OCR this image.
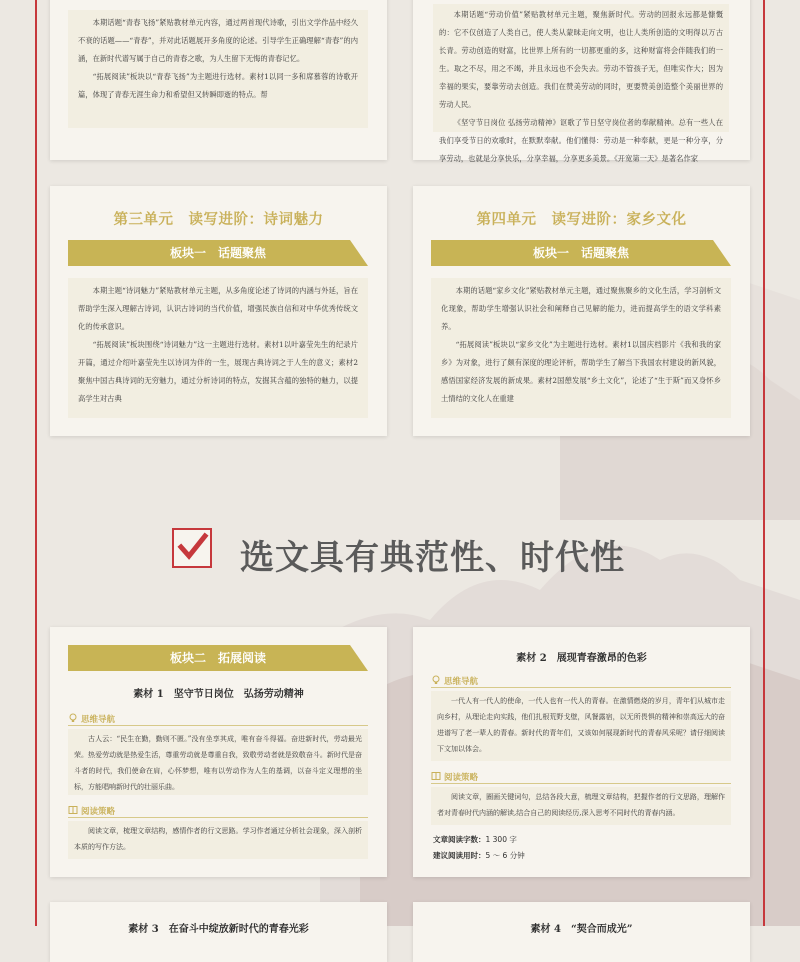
本期话题“青春飞扬”紧贴教材单元内容，通过两首现代诗歌，引出文学作品中经久不衰的话题——“青春”，并对此话题展开多角度的论述。引导学生正确理解“青春”的内涵，在新时代谱写属于自己的青春之歌，为人生留下无悔的青春记忆。

“拓展阅读”板块以“青春飞扬”为主题进行选材。素材1以同一多和席慕蓉的诗歌开篇，体现了青春无涯生命力和希望但又转瞬即逝的特点。帮

本期话题“劳动价值”紧贴教材单元主题，聚焦新时代。劳动的回报永远都是慷慨的：它不仅创造了人类自己，使人类从蒙昧走向文明，也让人类所创造的文明得以万古长青。劳动创造的财富，比世界上所有的一切都更重的多，这种财富将会伴随我们的一生。取之不尽，用之不竭，并且永远也不会失去。劳动不管孩子无，但唯实作大；因为幸福的果实，要靠劳动去创造。我们在赞美劳动的同时，更要赞美创造整个美丽世界的劳动人民。

《坚守节日岗位 弘扬劳动精神》讴歌了节日坚守岗位者的奉献精神。总有一些人在我们享受节日的欢歌时，在默默奉献。他们懂得：劳动是一种奉献，更是一种分享，分享劳动，也就是分享快乐，分享幸福，分享更多美景。《开宽第一天》是著名作家

第三单元　读写进阶：诗词魅力
板块一　话题聚焦

本期主题“诗词魅力”紧贴教材单元主题，从多角度论述了诗词的内涵与外延，旨在帮助学生深入理解古诗词，认识古诗词的当代价值，增强民族自信和对中华优秀传统文化的传承意识。

“拓展阅读”板块围绕“诗词魅力”这一主题进行选材。素材1以叶嘉莹先生的纪录片开篇，通过介绍叶嘉莹先生以诗词为伴的一生，展现古典诗词之于人生的意义；素材2聚焦中国古典诗词的无穷魅力，通过分析诗词的特点，发掘其含蕴的独特的魅力，以提高学生对古典

第四单元　读写进阶：家乡文化
板块一　话题聚焦

本期的话题“家乡文化”紧贴教材单元主题，通过聚焦聚乡的文化生活，学习剖析文化现象，帮助学生增强认识社会和阐释自己见解的能力，进而提高学生的语文学科素养。

“拓展阅读”板块以“家乡文化”为主题进行选材。素材1以国庆档影片《我和我的家乡》为对象，进行了颇有深度的理论评析，帮助学生了解当下我国农村建设的新风貌，感悟国家经济发展的新成果。素材2国憩发展“乡土文化”，论述了“生于斯”而又身怀乡土情结的文化人在重建

选文具有典范性、时代性
板块二　拓展阅读
素材 1　坚守节日岗位　弘扬劳动精神
思维导航

古人云：“民生在勤，勤则不匮。”没有坐享其成，唯有奋斗得福。奋进新时代，劳动最光荣。热爱劳动就是热爱生活，尊重劳动就是尊重自我，致敬劳动者就是致敬奋斗。新时代是奋斗者的时代，我们使命在肩，心怀梦想，唯有以劳动作为人生的基调，以奋斗定义理想的坐标，方能唱响新时代的壮丽乐曲。

阅读策略

阅读文章，梳理文章结构，感情作者的行文思路。学习作者通过分析社会现象，深入剖析本质的写作方法。

素材 2　展现青春激昂的色彩
思维导航

一代人有一代人的使命，一代人也有一代人的青春。在激情燃烧的岁月，青年们从城市走向乡村，从理论走向实践，他们扎根荒野戈壁，风餐露宿，以无所畏惧的精神和崇高远大的奋进谱写了老一辈人的青春。新时代的青年们，又该如何展现新时代的青春风采呢？请仔细阅读下文加以体会。

阅读策略

阅读文章，圈画关键词句，总结各段大意，梳理文章结构，把握作者的行文思路，理解作者对青春时代内涵的解读,结合自己的阅读经历,深入思考不同时代的青春内涵。

文章阅读字数：1 300 字
建议阅读用时：5 ～ 6 分钟
素材 3　在奋斗中绽放新时代的青春光彩	素材 4　“契合而成光”
